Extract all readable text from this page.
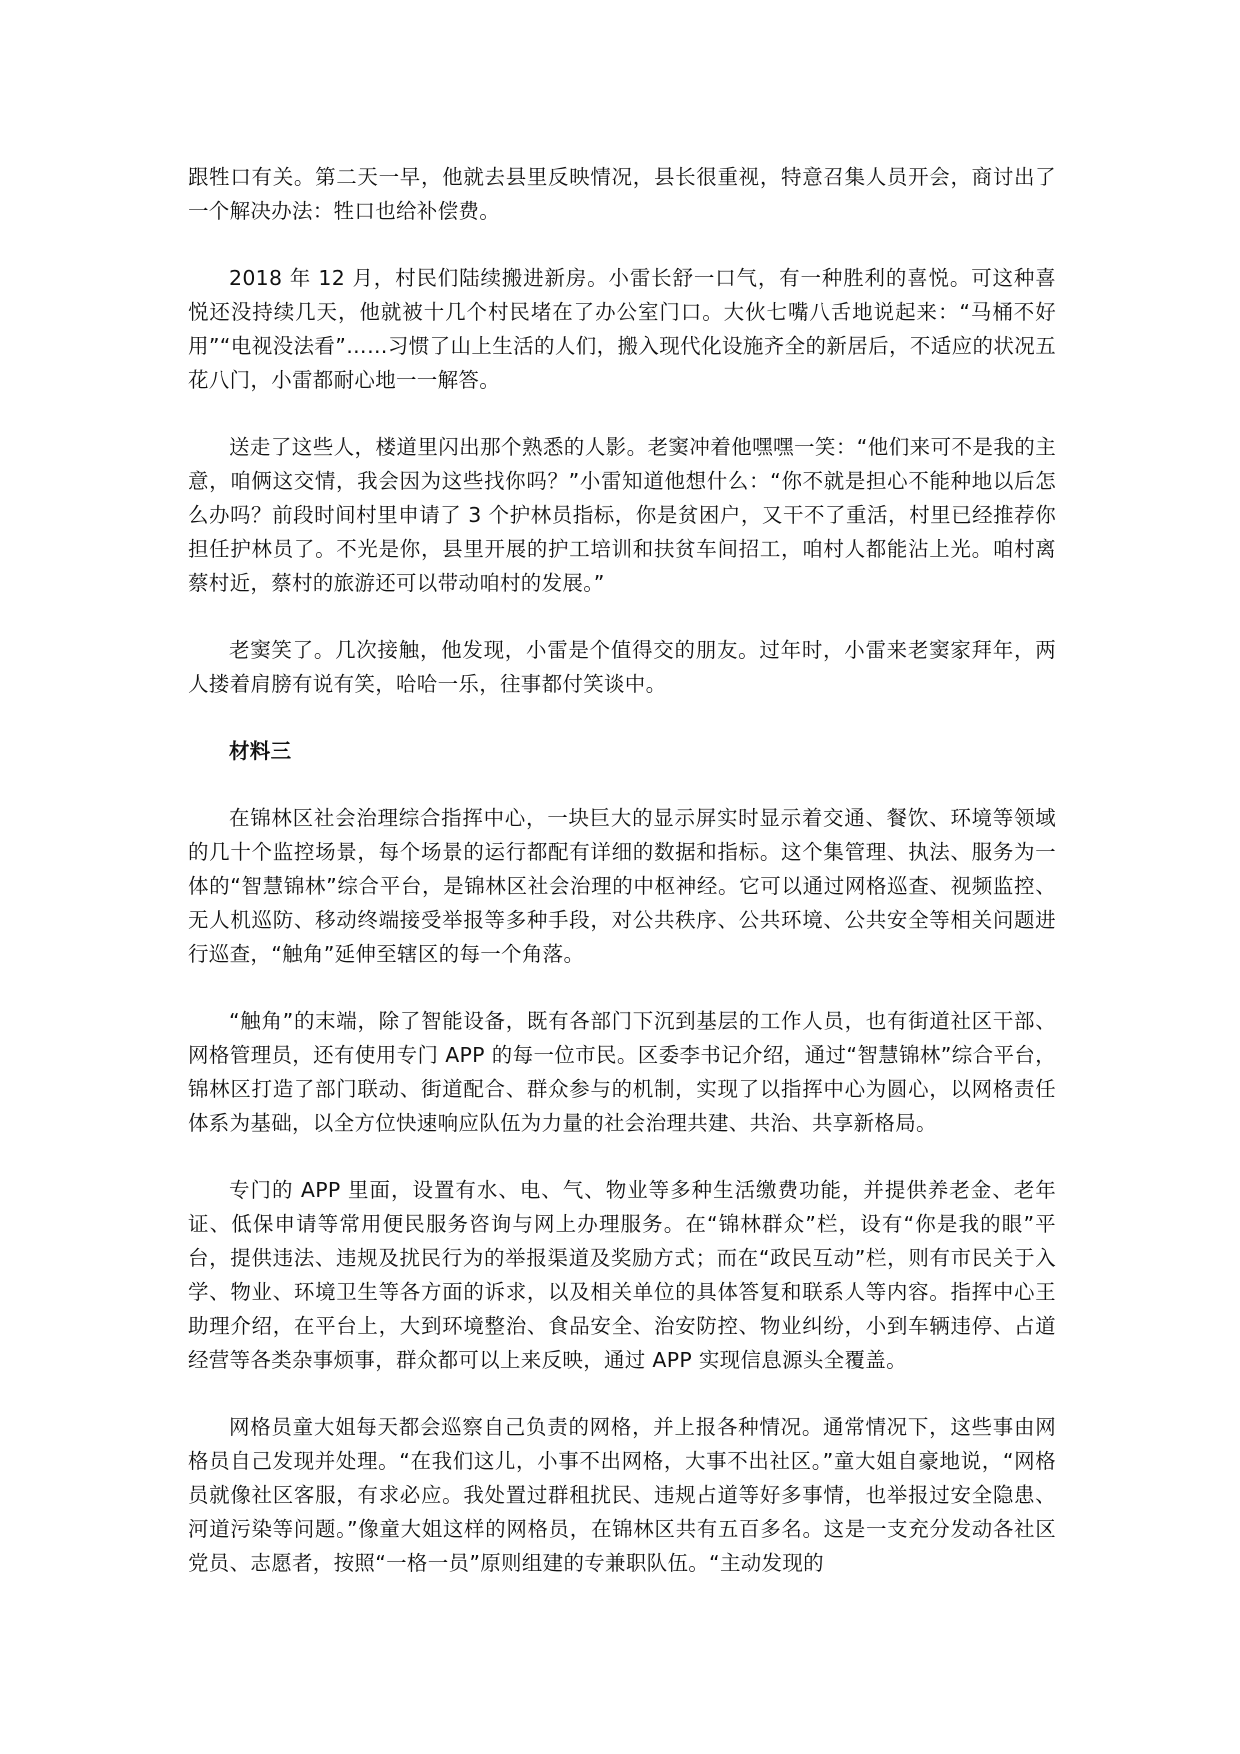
跟牲口有关。第二天一早，他就去县里反映情况，县长很重视，特意召集人员开会，商讨出了一个解决办法：牲口也给补偿费。

2018 年 12 月，村民们陆续搬进新房。小雷长舒一口气，有一种胜利的喜悦。可这种喜悦还没持续几天，他就被十几个村民堵在了办公室门口。大伙七嘴八舌地说起来：“马桶不好用”“电视没法看”……习惯了山上生活的人们，搬入现代化设施齐全的新居后，不适应的状况五花八门，小雷都耐心地一一解答。

送走了这些人，楼道里闪出那个熟悉的人影。老窦冲着他嘿嘿一笑：“他们来可不是我的主意，咱俩这交情，我会因为这些找你吗？”小雷知道他想什么：“你不就是担心不能种地以后怎么办吗？前段时间村里申请了 3 个护林员指标，你是贫困户，又干不了重活，村里已经推荐你担任护林员了。不光是你，县里开展的护工培训和扶贫车间招工，咱村人都能沾上光。咱村离蔡村近，蔡村的旅游还可以带动咱村的发展。”

老窦笑了。几次接触，他发现，小雷是个值得交的朋友。过年时，小雷来老窦家拜年，两人搂着肩膀有说有笑，哈哈一乐，往事都付笑谈中。

材料三

在锦林区社会治理综合指挥中心，一块巨大的显示屏实时显示着交通、餐饮、环境等领域的几十个监控场景，每个场景的运行都配有详细的数据和指标。这个集管理、执法、服务为一体的“智慧锦林”综合平台，是锦林区社会治理的中枢神经。它可以通过网格巡查、视频监控、无人机巡防、移动终端接受举报等多种手段，对公共秩序、公共环境、公共安全等相关问题进行巡查，“触角”延伸至辖区的每一个角落。

“触角”的末端，除了智能设备，既有各部门下沉到基层的工作人员，也有街道社区干部、网格管理员，还有使用专门 APP 的每一位市民。区委李书记介绍，通过“智慧锦林”综合平台，锦林区打造了部门联动、街道配合、群众参与的机制，实现了以指挥中心为圆心，以网格责任体系为基础，以全方位快速响应队伍为力量的社会治理共建、共治、共享新格局。

专门的 APP 里面，设置有水、电、气、物业等多种生活缴费功能，并提供养老金、老年证、低保申请等常用便民服务咨询与网上办理服务。在“锦林群众”栏，设有“你是我的眼”平台，提供违法、违规及扰民行为的举报渠道及奖励方式；而在“政民互动”栏，则有市民关于入学、物业、环境卫生等各方面的诉求，以及相关单位的具体答复和联系人等内容。指挥中心王助理介绍，在平台上，大到环境整治、食品安全、治安防控、物业纠纷，小到车辆违停、占道经营等各类杂事烦事，群众都可以上来反映，通过 APP 实现信息源头全覆盖。

网格员童大姐每天都会巡察自己负责的网格，并上报各种情况。通常情况下，这些事由网格员自己发现并处理。“在我们这儿，小事不出网格，大事不出社区。”童大姐自豪地说，“网格员就像社区客服，有求必应。我处置过群租扰民、违规占道等好多事情，也举报过安全隐患、河道污染等问题。”像童大姐这样的网格员，在锦林区共有五百多名。这是一支充分发动各社区党员、志愿者，按照“一格一员”原则组建的专兼职队伍。“主动发现的
